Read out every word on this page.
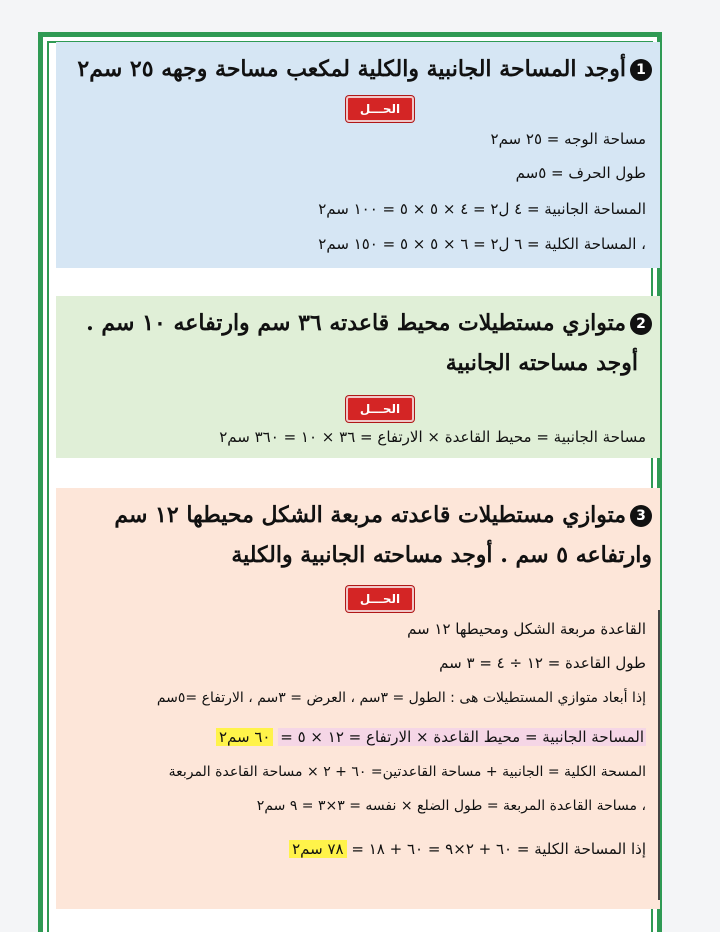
1أوجد المساحة الجانبية والكلية لمكعب مساحة وجهه ٢٥ سم٢
الحـــل
مساحة الوجه = ٢٥ سم٢
طول الحرف = ٥سم
المساحة الجانبية = ٤ ل٢ = ٤ × ٥ × ٥ = ١٠٠ سم٢
، المساحة الكلية = ٦ ل٢ = ٦ × ٥ × ٥ = ١٥٠ سم٢
2متوازي مستطيلات محيط قاعدته ٣٦ سم وارتفاعه ١٠ سم .
أوجد مساحته الجانبية
الحـــل
مساحة الجانبية = محيط القاعدة × الارتفاع = ٣٦ × ١٠ = ٣٦٠ سم٢
3متوازي مستطيلات قاعدته مربعة الشكل محيطها ١٢ سم
وارتفاعه ٥ سم . أوجد مساحته الجانبية والكلية
الحـــل
القاعدة مربعة الشكل ومحيطها ١٢ سم
طول القاعدة = ١٢ ÷ ٤ = ٣ سم
إذا أبعاد متوازي المستطيلات هى : الطول = ٣سم ، العرض = ٣سم ، الارتفاع =٥سم
المساحة الجانبية = محيط القاعدة × الارتفاع = ١٢ × ٥ = ٦٠ سم٢
المسحة الكلية = الجانبية + مساحة القاعدتين= ٦٠ + ٢ × مساحة القاعدة المربعة
، مساحة القاعدة المربعة = طول الضلع × نفسه = ٣×٣ = ٩ سم٢
إذا المساحة الكلية = ٦٠ + ٢×٩ = ٦٠ + ١٨ = ٧٨ سم٢
